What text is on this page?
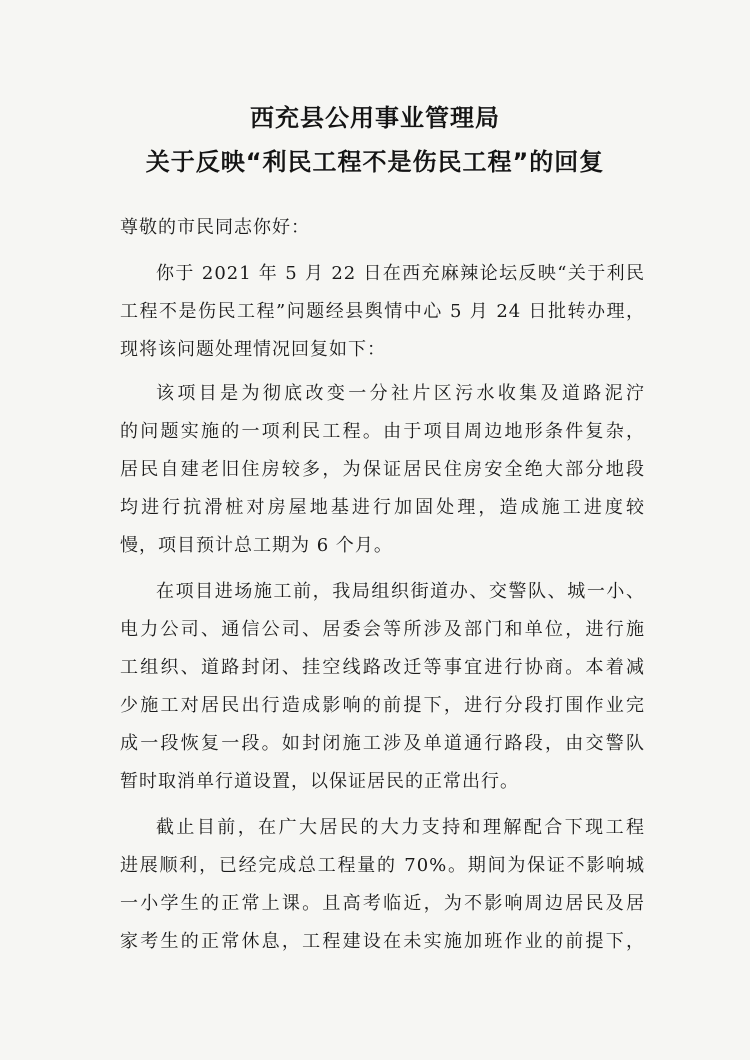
西充县公用事业管理局
关于反映“利民工程不是伤民工程”的回复
尊敬的市民同志你好：
你于 2021 年 5 月 22 日在西充麻辣论坛反映“关于利民
工程不是伤民工程”问题经县舆情中心 5 月 24 日批转办理，
现将该问题处理情况回复如下：
该项目是为彻底改变一分社片区污水收集及道路泥泞
的问题实施的一项利民工程。由于项目周边地形条件复杂，
居民自建老旧住房较多，为保证居民住房安全绝大部分地段
均进行抗滑桩对房屋地基进行加固处理，造成施工进度较
慢，项目预计总工期为 6 个月。
在项目进场施工前，我局组织街道办、交警队、城一小、
电力公司、通信公司、居委会等所涉及部门和单位，进行施
工组织、道路封闭、挂空线路改迁等事宜进行协商。本着减
少施工对居民出行造成影响的前提下，进行分段打围作业完
成一段恢复一段。如封闭施工涉及单道通行路段，由交警队
暂时取消单行道设置，以保证居民的正常出行。
截止目前，在广大居民的大力支持和理解配合下现工程
进展顺利，已经完成总工程量的 70%。期间为保证不影响城
一小学生的正常上课。且高考临近，为不影响周边居民及居
家考生的正常休息，工程建设在未实施加班作业的前提下，
